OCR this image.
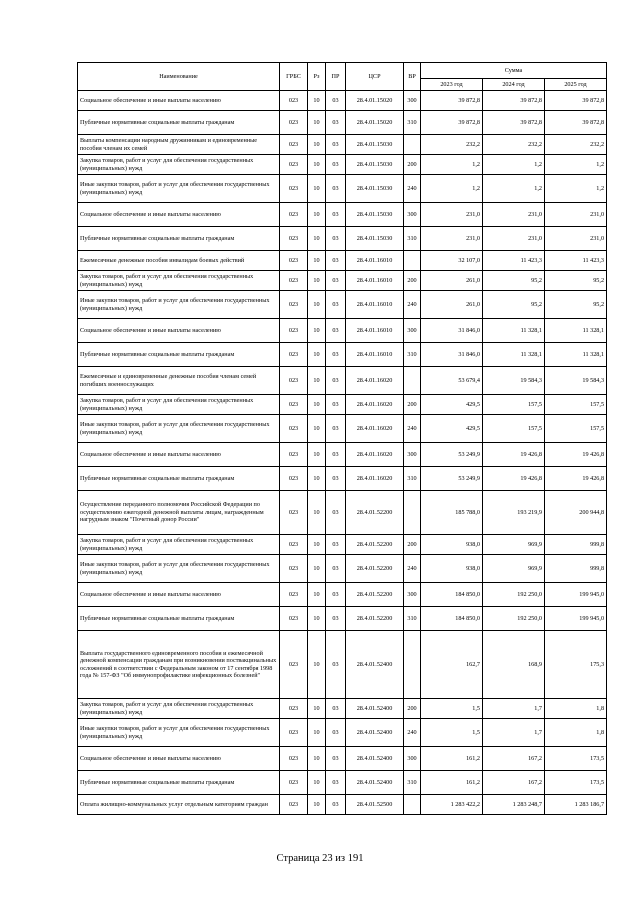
Наименование	ГРБС	Рз	ПР	ЦСР	ВР	Сумма		
						2023 год	2024 год	2025 год
Социальное обеспечение и иные выплаты населению	023	10	03	28.4.01.15020	300	39 872,8	39 872,8	39 872,8
Публичные нормативные социальные выплаты гражданам	023	10	03	28.4.01.15020	310	39 872,8	39 872,8	39 872,8
Выплаты компенсации народным дружинникам и единовременные пособия членам их семей	023	10	03	28.4.01.15030		232,2	232,2	232,2
Закупка товаров, работ и услуг для обеспечения государственных (муниципальных) нужд	023	10	03	28.4.01.15030	200	1,2	1,2	1,2
Иные закупки товаров, работ и услуг для обеспечения государственных (муниципальных) нужд	023	10	03	28.4.01.15030	240	1,2	1,2	1,2
Социальное обеспечение и иные выплаты населению	023	10	03	28.4.01.15030	300	231,0	231,0	231,0
Публичные нормативные социальные выплаты гражданам	023	10	03	28.4.01.15030	310	231,0	231,0	231,0
Ежемесячные денежные пособия инвалидам боевых действий	023	10	03	28.4.01.16010		32 107,0	11 423,3	11 423,3
Закупка товаров, работ и услуг для обеспечения государственных (муниципальных) нужд	023	10	03	28.4.01.16010	200	261,0	95,2	95,2
Иные закупки товаров, работ и услуг для обеспечения государственных (муниципальных) нужд	023	10	03	28.4.01.16010	240	261,0	95,2	95,2
Социальное обеспечение и иные выплаты населению	023	10	03	28.4.01.16010	300	31 846,0	11 328,1	11 328,1
Публичные нормативные социальные выплаты гражданам	023	10	03	28.4.01.16010	310	31 846,0	11 328,1	11 328,1
Ежемесячные и единовременные денежные пособия членам семей погибших военнослужащих	023	10	03	28.4.01.16020		53 679,4	19 584,3	19 584,3
Закупка товаров, работ и услуг для обеспечения государственных (муниципальных) нужд	023	10	03	28.4.01.16020	200	429,5	157,5	157,5
Иные закупки товаров, работ и услуг для обеспечения государственных (муниципальных) нужд	023	10	03	28.4.01.16020	240	429,5	157,5	157,5
Социальное обеспечение и иные выплаты населению	023	10	03	28.4.01.16020	300	53 249,9	19 426,8	19 426,8
Публичные нормативные социальные выплаты гражданам	023	10	03	28.4.01.16020	310	53 249,9	19 426,8	19 426,8
Осуществление переданного полномочия Российской Федерации по осуществлению ежегодной денежной выплаты лицам, награжденным нагрудным знаком "Почетный донор России"	023	10	03	28.4.01.52200		185 788,0	193 219,9	200 944,8
Закупка товаров, работ и услуг для обеспечения государственных (муниципальных) нужд	023	10	03	28.4.01.52200	200	938,0	969,9	999,8
Иные закупки товаров, работ и услуг для обеспечения государственных (муниципальных) нужд	023	10	03	28.4.01.52200	240	938,0	969,9	999,8
Социальное обеспечение и иные выплаты населению	023	10	03	28.4.01.52200	300	184 850,0	192 250,0	199 945,0
Публичные нормативные социальные выплаты гражданам	023	10	03	28.4.01.52200	310	184 850,0	192 250,0	199 945,0
Выплата государственного единовременного пособия и ежемесячной денежной компенсации гражданам при возникновении поствакцинальных осложнений в соответствии с Федеральным законом от 17 сентября 1998 года № 157-ФЗ "Об иммунопрофилактике инфекционных болезней"	023	10	03	28.4.01.52400		162,7	168,9	175,3
Закупка товаров, работ и услуг для обеспечения государственных (муниципальных) нужд	023	10	03	28.4.01.52400	200	1,5	1,7	1,8
Иные закупки товаров, работ и услуг для обеспечения государственных (муниципальных) нужд	023	10	03	28.4.01.52400	240	1,5	1,7	1,8
Социальное обеспечение и иные выплаты населению	023	10	03	28.4.01.52400	300	161,2	167,2	173,5
Публичные нормативные социальные выплаты гражданам	023	10	03	28.4.01.52400	310	161,2	167,2	173,5
Оплата жилищно-коммунальных услуг отдельным категориям граждан	023	10	03	28.4.01.52500		1 283 422,2	1 283 248,7	1 283 186,7
Страница 23 из 191
